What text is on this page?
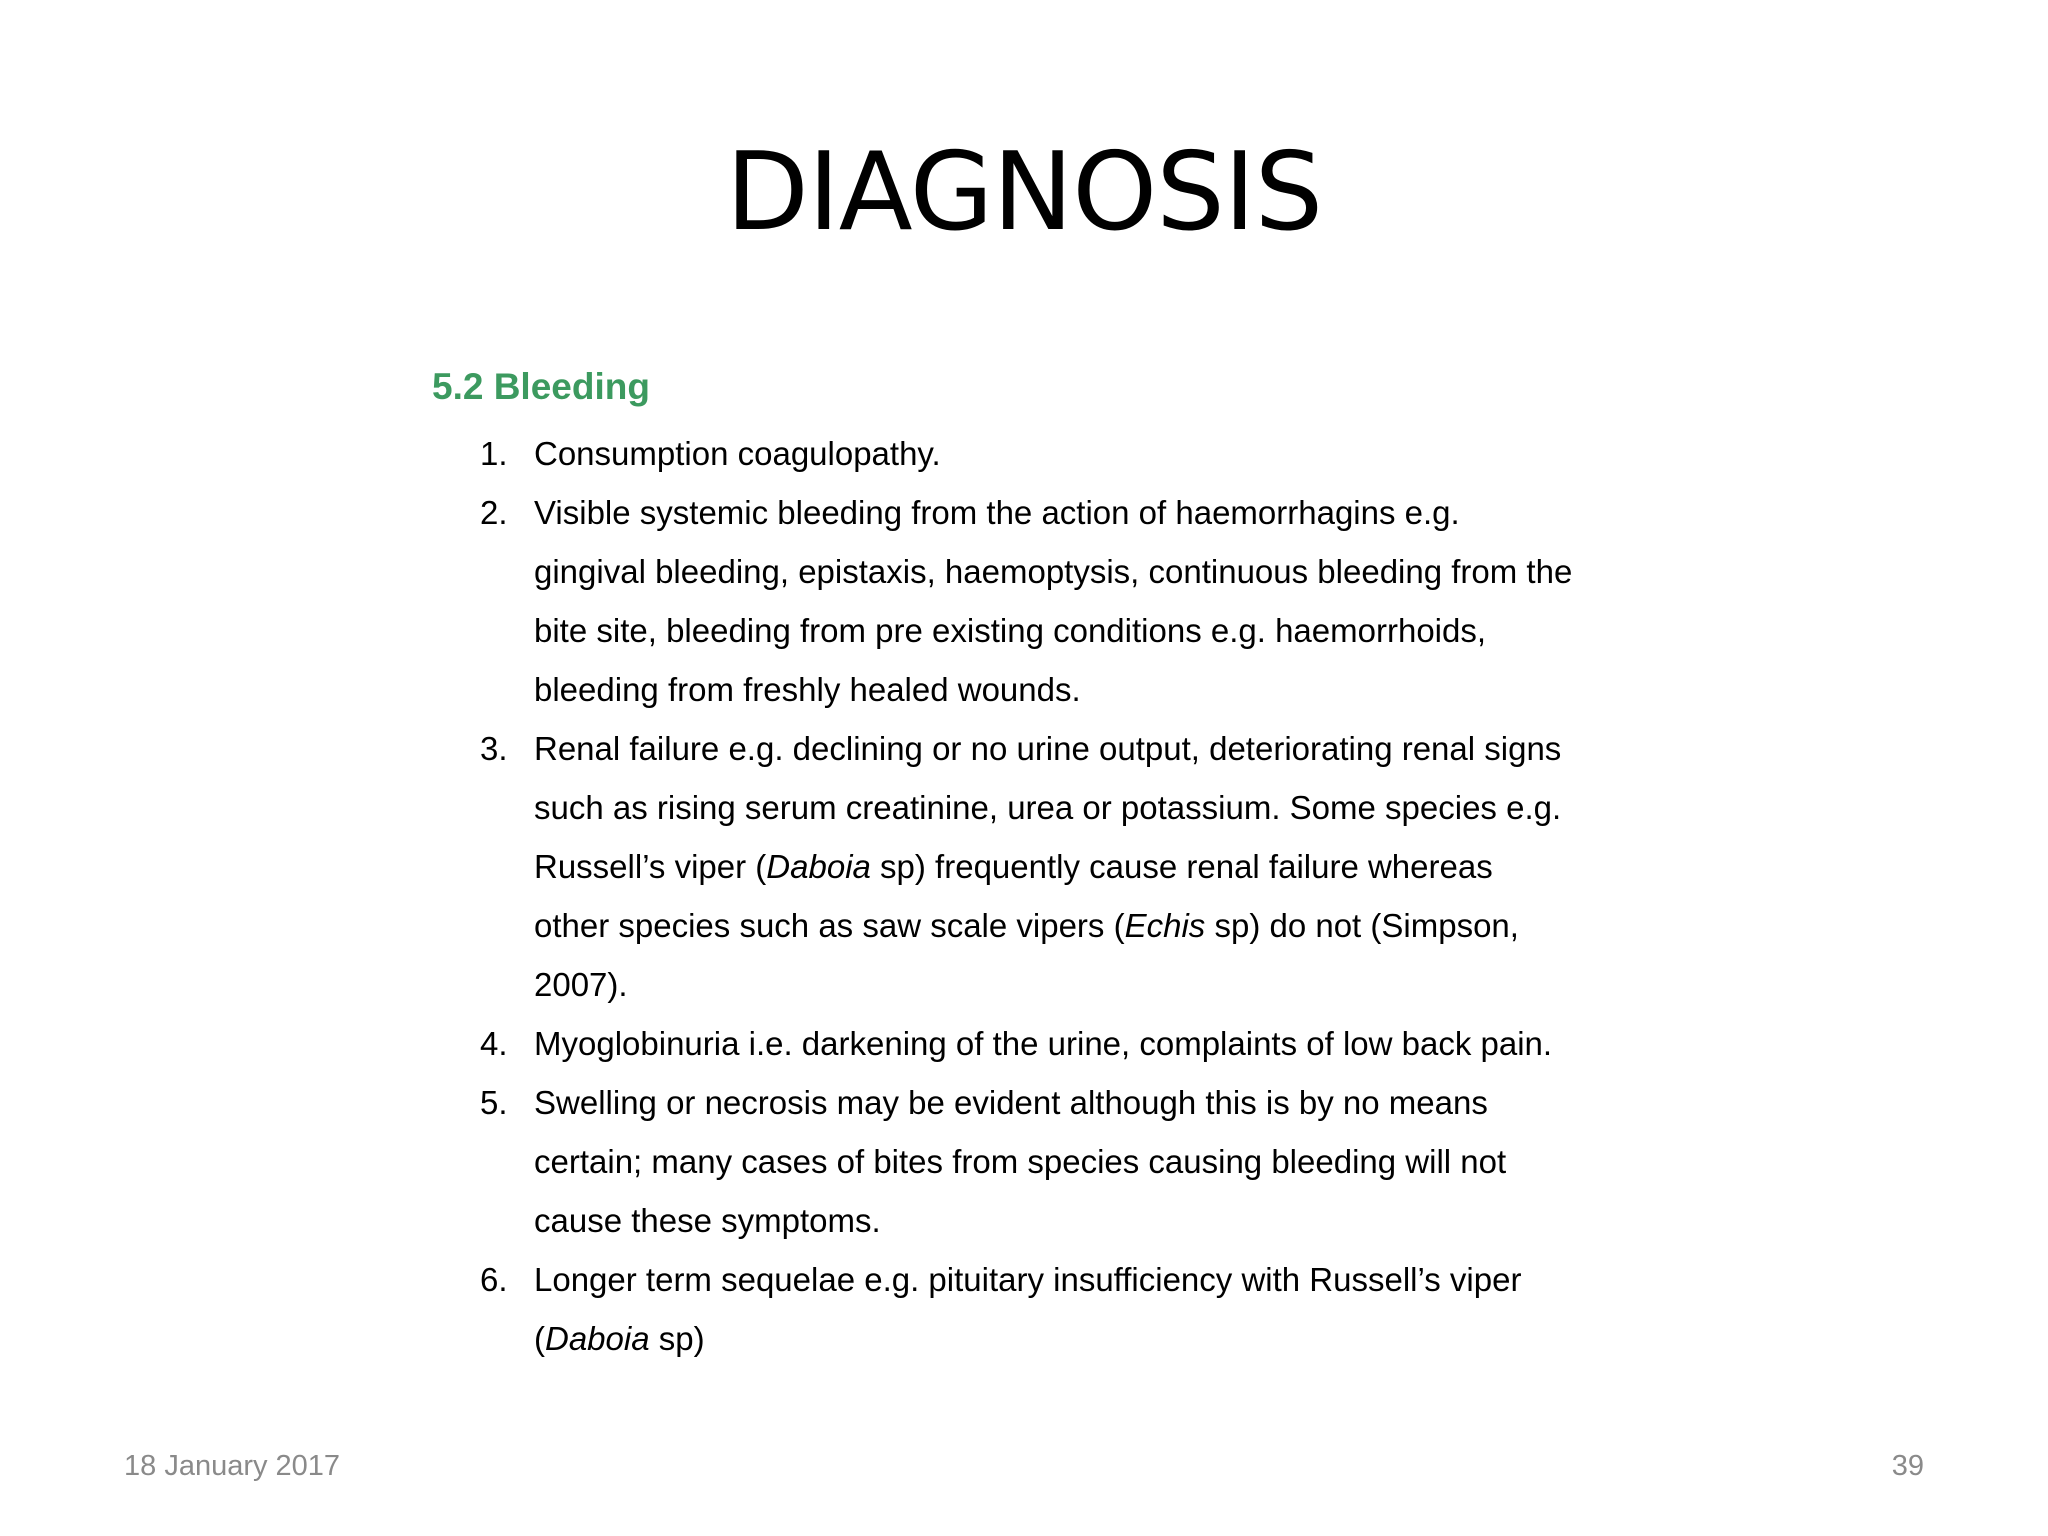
DIAGNOSIS
5.2 Bleeding
1. Consumption coagulopathy.
2. Visible systemic bleeding from the action of haemorrhagins e.g.
gingival bleeding, epistaxis, haemoptysis, continuous bleeding from the
bite site, bleeding from pre existing conditions e.g. haemorrhoids,
bleeding from freshly healed wounds.
3. Renal failure e.g. declining or no urine output, deteriorating renal signs
such as rising serum creatinine, urea or potassium. Some species e.g.
Russell’s viper (Daboia sp) frequently cause renal failure whereas
other species such as saw scale vipers (Echis sp) do not (Simpson,
2007).
4. Myoglobinuria i.e. darkening of the urine, complaints of low back pain.
5. Swelling or necrosis may be evident although this is by no means
certain; many cases of bites from species causing bleeding will not
cause these symptoms.
6. Longer term sequelae e.g. pituitary insufficiency with Russell’s viper
(Daboia sp)
18 January 2017	39
